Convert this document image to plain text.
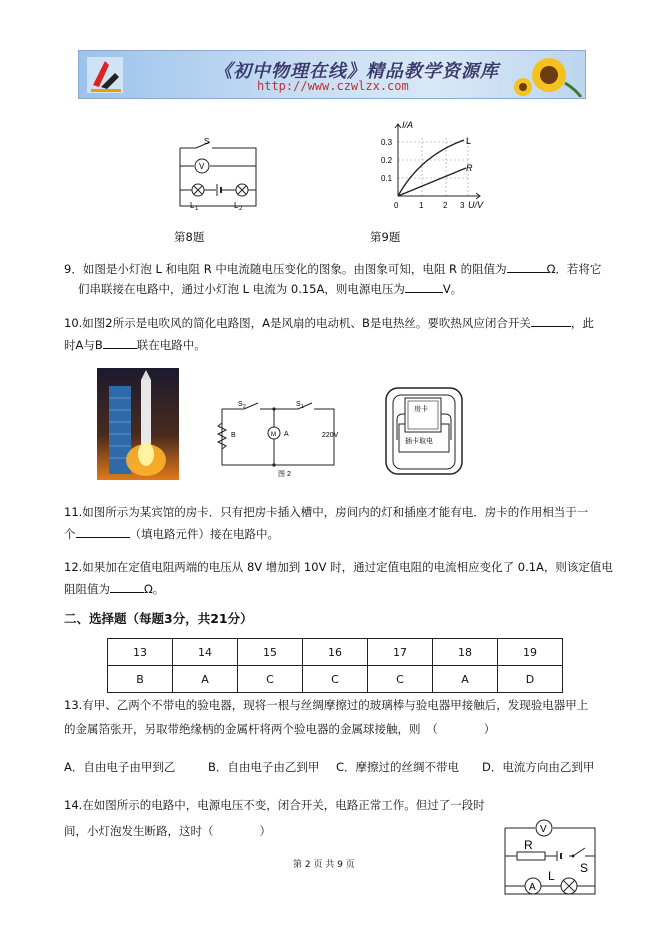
《初中物理在线》精品教学资源库
http://www.czwlzx.com
S
V
L 1	L 2
第8题
I/A
U/V
L
R
0.3
0.2
0.1
0	1 2 3
第9题
9．如图是小灯泡 L 和电阻 R 中电流随电压变化的图象。由图象可知，电阻 R 的阻值为	Ω．若将它
们串联接在电路中，通过小灯泡 L 电流为 0.15A，则电源电压为	V。
10.如图2所示是电吹风的简化电路图，A是风扇的电动机、B是电热丝。要吹热风应闭合开关	，此
时A与B	联在电路中。
S 2	S 1
B	M A	220V
图 2
房卡
插卡取电
11.如图所示为某宾馆的房卡．只有把房卡插入槽中，房间内的灯和插座才能有电．房卡的作用相当于一
个	（填电路元件）接在电路中。
12.如果加在定值电阻两端的电压从 8V 增加到 10V 时，通过定值电阻的电流相应变化了 0.1A，则该定值电
阻阻值为	Ω。
二、选择题（每题3分，共21分）
13	14	15	16	17	18	19
B	A	C	C	C	A	D
13.有甲、乙两个不带电的验电器，现将一根与丝绸摩擦过的玻璃棒与验电器甲接触后，发现验电器甲上
的金属箔张开，另取带绝缘柄的金属杆将两个验电器的金属球接触，则　（　　　　）
A．自由电子由甲到乙	B．自由电子由乙到甲 C．摩擦过的丝绸不带电 D．电流方向由乙到甲
14.在如图所示的电路中，电源电压不变，闭合开关，电路正常工作。但过了一段时
间，小灯泡发生断路，这时（　　　　）	V
R
S
A
L
第 2 页 共 9 页
